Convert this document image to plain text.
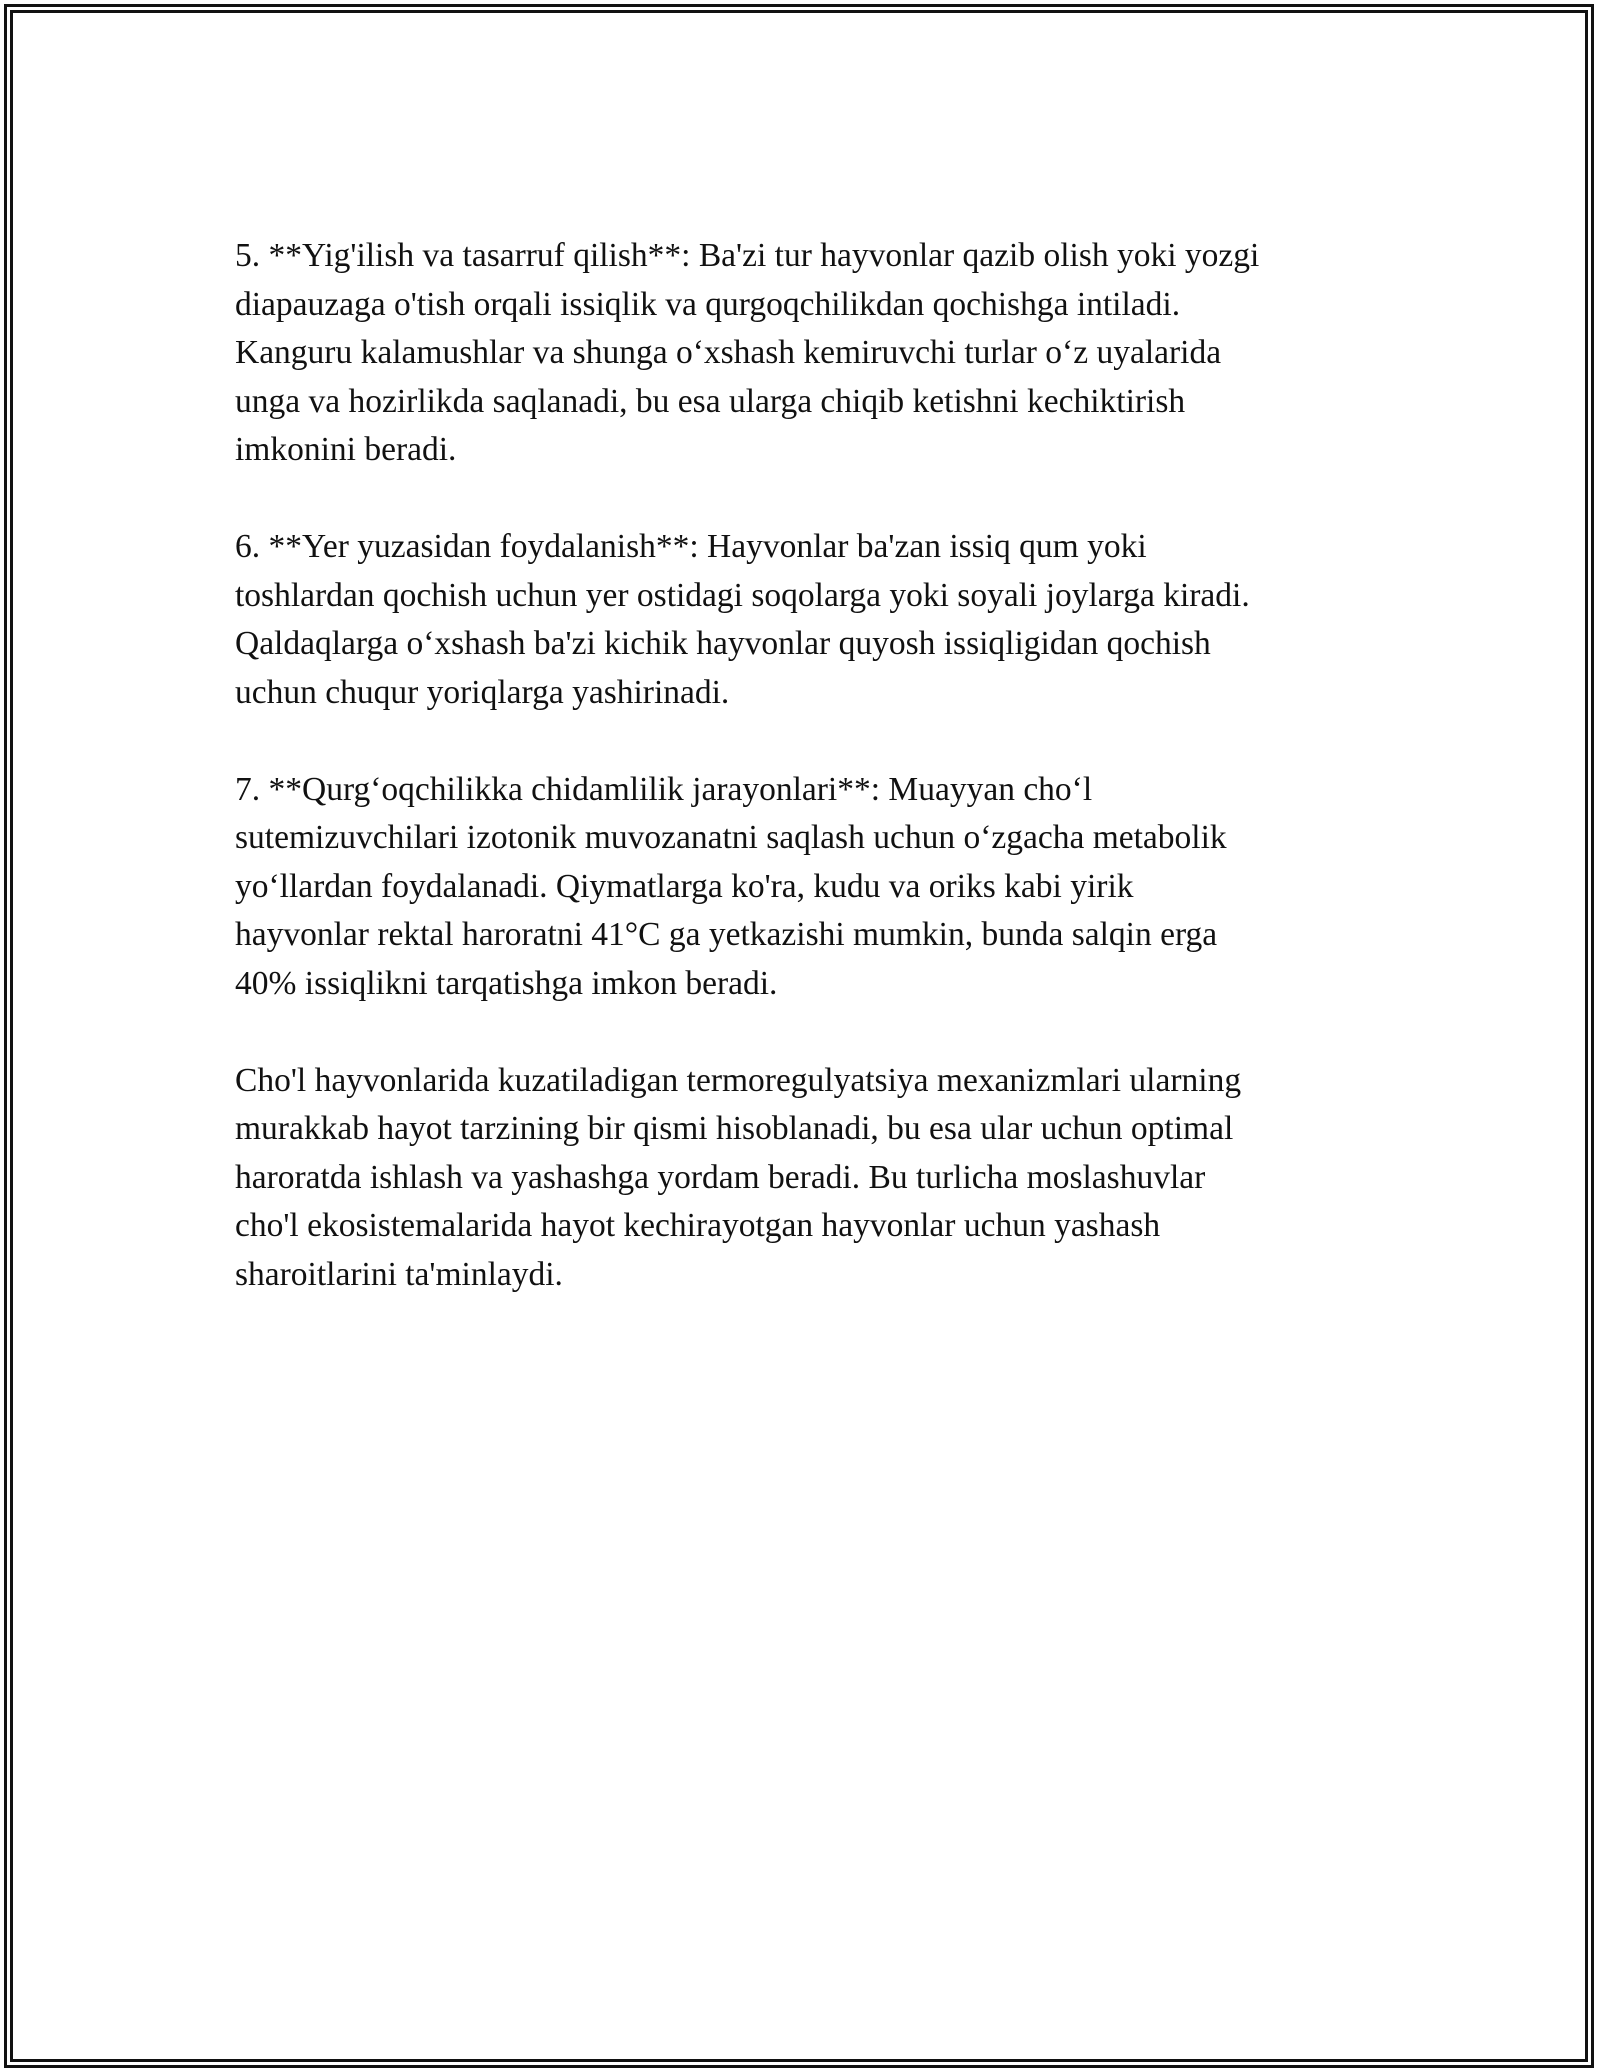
5. **Yig'ilish va tasarruf qilish**: Ba'zi tur hayvonlar qazib olish yoki yozgi
diapauzaga o'tish orqali issiqlik va qurgoqchilikdan qochishga intiladi.
Kanguru kalamushlar va shunga o‘xshash kemiruvchi turlar o‘z uyalarida
unga va hozirlikda saqlanadi, bu esa ularga chiqib ketishni kechiktirish
imkonini beradi.

6. **Yer yuzasidan foydalanish**: Hayvonlar ba'zan issiq qum yoki
toshlardan qochish uchun yer ostidagi soqolarga yoki soyali joylarga kiradi.
Qaldaqlarga o‘xshash ba'zi kichik hayvonlar quyosh issiqligidan qochish
uchun chuqur yoriqlarga yashirinadi.

7. **Qurg‘oqchilikka chidamlilik jarayonlari**: Muayyan cho‘l
sutemizuvchilari izotonik muvozanatni saqlash uchun o‘zgacha metabolik
yo‘llardan foydalanadi. Qiymatlarga ko'ra, kudu va oriks kabi yirik
hayvonlar rektal haroratni 41°C ga yetkazishi mumkin, bunda salqin erga
40% issiqlikni tarqatishga imkon beradi.

Cho'l hayvonlarida kuzatiladigan termoregulyatsiya mexanizmlari ularning
murakkab hayot tarzining bir qismi hisoblanadi, bu esa ular uchun optimal
haroratda ishlash va yashashga yordam beradi. Bu turlicha moslashuvlar
cho'l ekosistemalarida hayot kechirayotgan hayvonlar uchun yashash
sharoitlarini ta'minlaydi.
